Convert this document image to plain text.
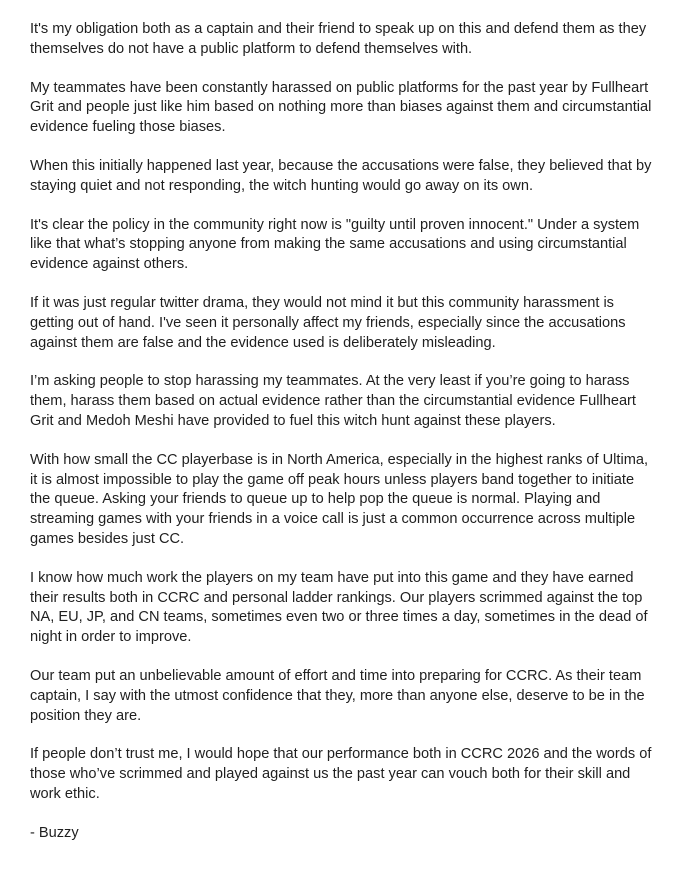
It's my obligation both as a captain and their friend to speak up on this and defend them as they themselves do not have a public platform to defend themselves with.

My teammates have been constantly harassed on public platforms for the past year by Fullheart Grit and people just like him based on nothing more than biases against them and circumstantial evidence fueling those biases.

When this initially happened last year, because the accusations were false, they believed that by staying quiet and not responding, the witch hunting would go away on its own.

It's clear the policy in the community right now is "guilty until proven innocent." Under a system like that what’s stopping anyone from making the same accusations and using circumstantial evidence against others.

If it was just regular twitter drama, they would not mind it but this community harassment is getting out of hand. I've seen it personally affect my friends, especially since the accusations against them are false and the evidence used is deliberately misleading.

I’m asking people to stop harassing my teammates. At the very least if you’re going to harass them, harass them based on actual evidence rather than the circumstantial evidence Fullheart Grit and Medoh Meshi have provided to fuel this witch hunt against these players.

With how small the CC playerbase is in North America, especially in the highest ranks of Ultima, it is almost impossible to play the game off peak hours unless players band together to initiate the queue. Asking your friends to queue up to help pop the queue is normal. Playing and streaming games with your friends in a voice call is just a common occurrence across multiple games besides just CC.

I know how much work the players on my team have put into this game and they have earned their results both in CCRC and personal ladder rankings. Our players scrimmed against the top NA, EU, JP, and CN teams, sometimes even two or three times a day, sometimes in the dead of night in order to improve.

Our team put an unbelievable amount of effort and time into preparing for CCRC. As their team captain, I say with the utmost confidence that they, more than anyone else, deserve to be in the position they are.

If people don’t trust me, I would hope that our performance both in CCRC 2026 and the words of those who’ve scrimmed and played against us the past year can vouch both for their skill and work ethic.

- Buzzy
